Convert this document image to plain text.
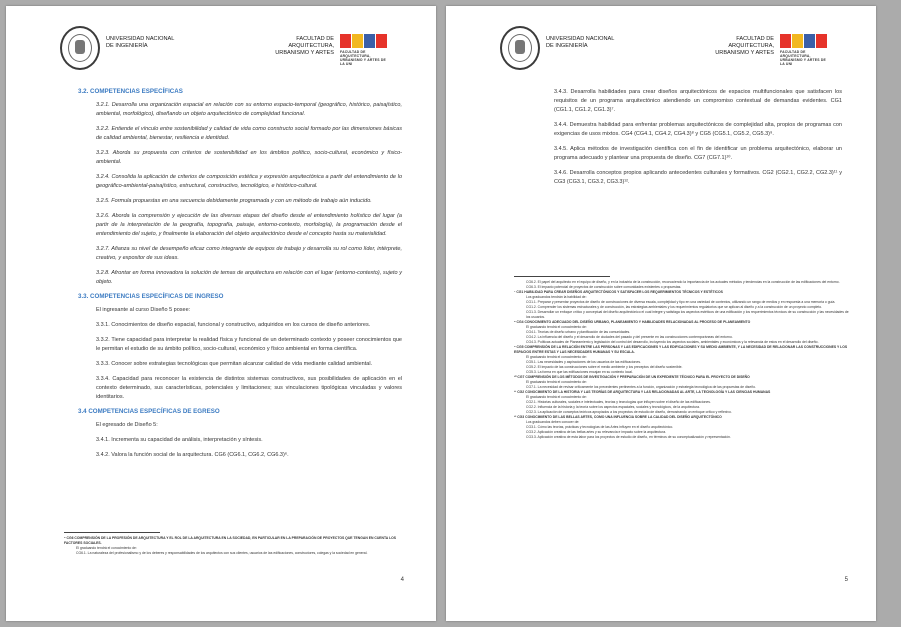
UNIVERSIDAD NACIONAL DE INGENIERÍA
FACULTAD DE ARQUITECTURA, URBANISMO Y ARTES FACULTAD DE ARQUITECTURA, URBANISMO Y ARTES DE LA UNI
3.2. COMPETENCIAS ESPECÍFICAS

3.2.1. Desarrolla una organización espacial en relación con su entorno espacio-temporal (geográfico, histórico, paisajístico, ambiental, morfológico), diseñando un objeto arquitectónico de complejidad funcional.

3.2.2. Entiende el vínculo entre sostenibilidad y calidad de vida como constructo social formado por las dimensiones básicas de calidad ambiental, bienestar, resiliencia e identidad.

3.2.3. Aborda su propuesta con criterios de sostenibilidad en los ámbitos político, socio-cultural, económico y físico-ambiental.

3.2.4. Consolida la aplicación de criterios de composición estética y expresión arquitectónica a partir del entendimiento de lo geográfico-ambiental-paisajístico, estructural, constructivo, tecnológico, e histórico-cultural.

3.2.5. Formula propuestas en una secuencia debidamente programada y con un método de trabajo aún inducido.

3.2.6. Aborda la comprensión y ejecución de las diversas etapas del diseño desde el entendimiento holístico del lugar (a partir de la interpretación de la geografía, topografía, paisaje, entorno-contexto, morfología), la programación desde el entendimiento del sujeto, y finalmente la elaboración del objeto arquitectónico desde el concepto hasta su materialidad.

3.2.7. Afianza su nivel de desempeño eficaz como integrante de equipos de trabajo y desarrolla su rol como líder, intérprete, creativo, y expositor de sus ideas.

3.2.8. Afrontar en forma innovadora la solución de temas de arquitectura en relación con el lugar (entorno-contexto), sujeto y objeto.

3.3. COMPETENCIAS ESPECÍFICAS DE INGRESO

El ingresante al curso Diseño 5 posee:

3.3.1. Conocimientos de diseño espacial, funcional y constructivo, adquiridos en los cursos de diseño anteriores.

3.3.2. Tiene capacidad para interpretar la realidad física y funcional de un determinado contexto y poseer conocimientos que le permitan el estudio de su ámbito político, socio-cultural, económico y físico ambiental en forma científica.

3.3.3. Conocer sobre estrategias tecnológicas que permitan alcanzar calidad de vida mediante calidad ambiental.

3.3.4. Capacidad para reconocer la existencia de distintos sistemas constructivos, sus posibilidades de aplicación en el contexto determinado, sus características, potenciales y limitaciones; sus vinculaciones tipológicas vinculadas y valores identitarios.

3.4 COMPETENCIAS ESPECÍFICAS DE EGRESO

El egresado de Diseño 5:

3.4.1. Incrementa su capacidad de análisis, interpretación y síntesis.

3.4.2. Valora la función social de la arquitectura. CG6 (CG6.1, CG6.2, CG6.3)⁶.

⁶ CG6 COMPRENSIÓN DE LA PROFESIÓN DE ARQUITECTURA Y EL ROL DE LA ARQUITECTURA EN LA SOCIEDAD, EN PARTICULAR EN LA PREPARACIÓN DE PROYECTOS QUE TENGAN EN CUENTA LOS FACTORES SOCIALES.
El graduando tendrá el conocimiento de:
CG6.1. La naturaleza del profesionalismo y de los deberes y responsabilidades de los arquitectos con sus clientes, usuarios de las edificaciones, constructores, colegas y la sociedad en general.
4
UNIVERSIDAD NACIONAL DE INGENIERÍA
FACULTAD DE ARQUITECTURA, URBANISMO Y ARTES FACULTAD DE ARQUITECTURA, URBANISMO Y ARTES DE LA UNI

3.4.3. Desarrolla habilidades para crear diseños arquitectónicos de espacios multifuncionales que satisfacen los requisitos de un programa arquitectónico atendiendo un compromiso contextual de demandas evidentes. CG1 (CG1.1, CG1.2, CG1.3)⁷.

3.4.4. Demuestra habilidad para enfrentar problemas arquitectónicos de complejidad alta, propios de programas con exigencias de usos mixtos. CG4 (CG4.1, CG4.2, CG4.3)⁸ y CG5 (CG5.1, CG5.2, CG5.3)⁹.

3.4.5. Aplica métodos de investigación científica con el fin de identificar un problema arquitectónico, elaborar un programa adecuado y plantear una propuesta de diseño. CG7 (CG7.1)¹⁰.

3.4.6. Desarrolla conceptos propios aplicando antecedentes culturales y formativos. CG2 (CG2.1, CG2.2, CG2.3)¹¹ y CG3 (CG3.1, CG3.2, CG3.3)¹².

CG6.2. El papel del arquitecto en el equipo de diseño, y en la industria de la construcción, reconociendo la importancia de los actuales métodos y tendencias en la construcción de las edificaciones del entorno.
CG6.3. El impacto potencial de proyectos de construcción sobre comunidades existentes o propuestas.
⁷ CG1 HABILIDAD PARA CREAR DISEÑOS ARQUITECTÓNICOS Y SATISFACER LOS REQUERIMIENTOS TÉCNICOS Y ESTÉTICOS
Los graduandos tendrán la habilidad de:
CG1.1. Preparar y presentar proyectos de diseño de construcciones de diversa escala, complejidad y tipo en una variedad de contextos, utilizando un rango de medios y en respuesta a una memoria o guía.
CG1.2. Comprender los sistemas estructurales y de construcción, las estrategias ambientales y los requerimientos regulatorios que se aplican al diseño y a la construcción de un proyecto completo.
CG1.3. Desarrollar un enfoque crítico y conceptual del diseño arquitectónico el cual integre y satisfaga los aspectos estéticos de una edificación y los requerimientos técnicos de su construcción y las necesidades de los usuarios.
⁸ CG4 CONOCIMIENTO ADECUADO DEL DISEÑO URBANO, PLANEAMIENTO Y HABILIDADES RELACIONADAS AL PROCESO DE PLANEAMIENTO
El graduando tendrá el conocimiento de:
CG4.1. Teorías de diseño urbano y planificación de las comunidades.
CG4.2. La influencia del diseño y el desarrollo de ciudades del pasado y del presente en las construcciones contemporáneas del entorno.
CG4.3. Políticas actuales de Planeamiento y legislación del control del desarrollo, incluyendo los aspectos sociales, ambientales y económicos y la relevancia de estos en el desarrollo del diseño.
⁹ CG5 COMPRENSIÓN DE LA RELACIÓN ENTRE LAS PERSONAS Y LAS EDIFICACIONES Y LAS EDIFICACIONES Y SU MEDIO AMBIENTE, Y LA NECESIDAD DE RELACIONAR LAS CONSTRUCCIONES Y LOS ESPACIOS ENTRE ESTAS Y LAS NECESIDADES HUMANAS Y SU ESCALA.
El graduando tendrá el conocimiento de:
CG5.1. Las necesidades y aspiraciones de los usuarios de las edificaciones.
CG5.2. El impacto de las construcciones sobre el medio ambiente y los preceptos del diseño sostenible.
CG5.3. La forma en que las edificaciones encajan en su contexto local.
¹⁰ CG7 COMPRENSIÓN DE LOS MÉTODOS DE INVESTIGACIÓN Y PREPARACIÓN DE UN EXPEDIENTE TÉCNICO PARA EL PROYECTO DE DISEÑO
El graduando tendrá el conocimiento de:
CG7.1. La necesidad de revisar críticamente los precedentes pertinentes a la función, organización y estrategia tecnológica de las propuestas de diseño.
¹¹ CG2 CONOCIMIENTO DE LA HISTORIA Y LAS TEORÍAS DE ARQUITECTURA Y LAS RELACIONADAS AL ARTE, LA TECNOLOGÍA Y LAS CIENCIAS HUMANAS
El graduando tendrá el conocimiento de:
CG2.1. Historias culturales, sociales e intelectuales, teorías y tecnologías que influyen sobre el diseño de las edificaciones.
CG2.2. Influencia de la historia y la teoría sobre los aspectos espaciales, sociales y tecnológicos, de la arquitectura.
CG2.3. La aplicación de conceptos teóricos apropiados a los proyectos de estudio de diseño, demostrando un enfoque crítico y reflexivo.
¹² CG3 CONOCIMIENTO DE LAS BELLAS ARTES, COMO UNA INFLUENCIA SOBRE LA CALIDAD DEL DISEÑO ARQUITECTÓNICO
Los graduandos deben conocer de:
CG3.1. Cómo las teorías, prácticas y tecnologías de las Artes influyen en el diseño arquitectónico.
CG3.2. Aplicación creativa de las bellas artes y su relevancia e impacto sobre la arquitectura.
CG3.3. Aplicación creativa de esta labor para los proyectos de estudio de diseño, en términos de su conceptualización y representación.
5
